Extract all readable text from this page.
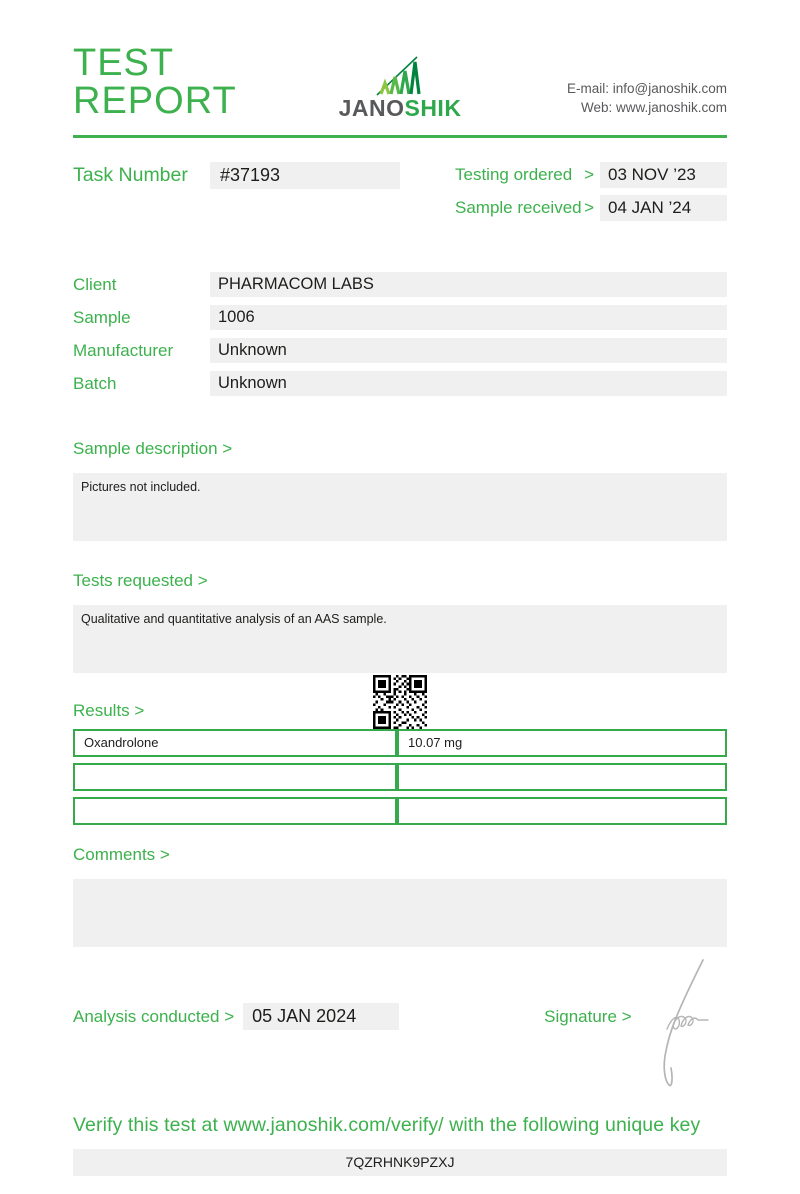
TEST REPORT	JANOSHIK
E-mail: info@janoshik.com
Web: www.janoshik.com
Task Number	#37193	Testing ordered > 03 NOV ’23
Sample received > 04 JAN ’24
Client	PHARMACOM LABS
Sample	1006
Manufacturer	Unknown
Batch	Unknown
Sample description >
Pictures not included.
Tests requested >
Qualitative and quantitative analysis of an AAS sample.
Results >
Oxandrolone	10.07 mg
Comments >
Analysis conducted >	05 JAN 2024	Signature >
Verify this test at www.janoshik.com/verify/ with the following unique key
7QZRHNK9PZXJ
